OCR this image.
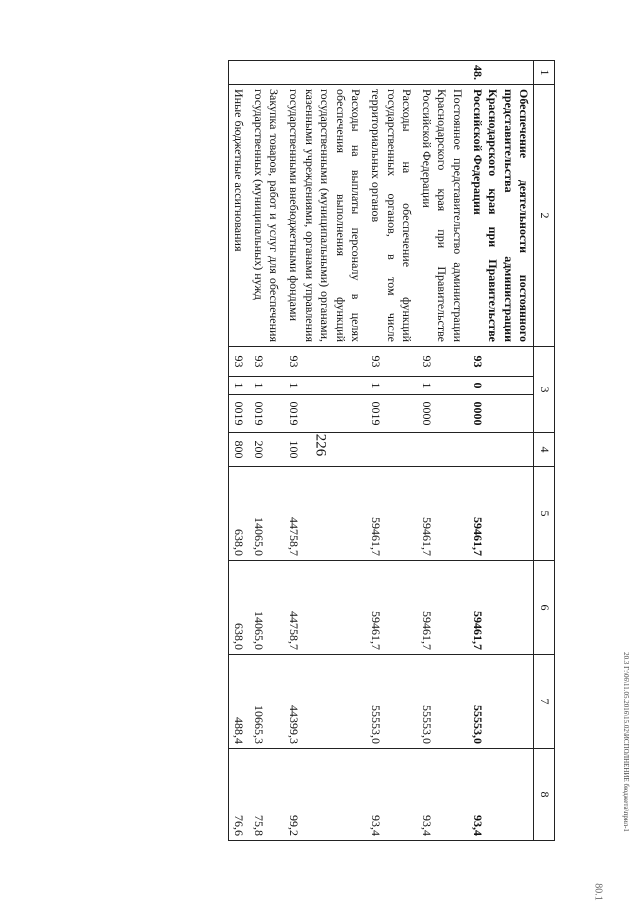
226
20.3 Г:\06\11.05.2016\15.02\ИСПОЛНЕНИЕ бюджета\прил-1
80.1
1	2	3			4	5	6	7	8
48.	Обеспечение деятельности постоянного представительства администрации Краснодарского края при Правительстве Российской Федерации	93	0	0000		59461,7	59461,7	55553,0	93,4
	Постоянное представительство администрации Краснодарского края при Правительстве Российской Федерации	93	1	0000		59461,7	59461,7	55553,0	93,4
	Расходы на обеспечение функций государственных органов, в том числе территориальных органов	93	1	0019		59461,7	59461,7	55553,0	93,4
	Расходы на выплаты персоналу в целях обеспечения выполнения функций государственными (муниципальными) органами, казенными учреждениями, органами управления государственными внебюджетными фондами	93	1	0019	100	44758,7	44758,7	44399,3	99,2
	Закупка товаров, работ и услуг для обеспечения государственных (муниципальных) нужд	93	1	0019	200	14065,0	14065,0	10665,3	75,8
	Иные бюджетные ассигнования	93	1	0019	800	638,0	638,0	488,4	76,6
